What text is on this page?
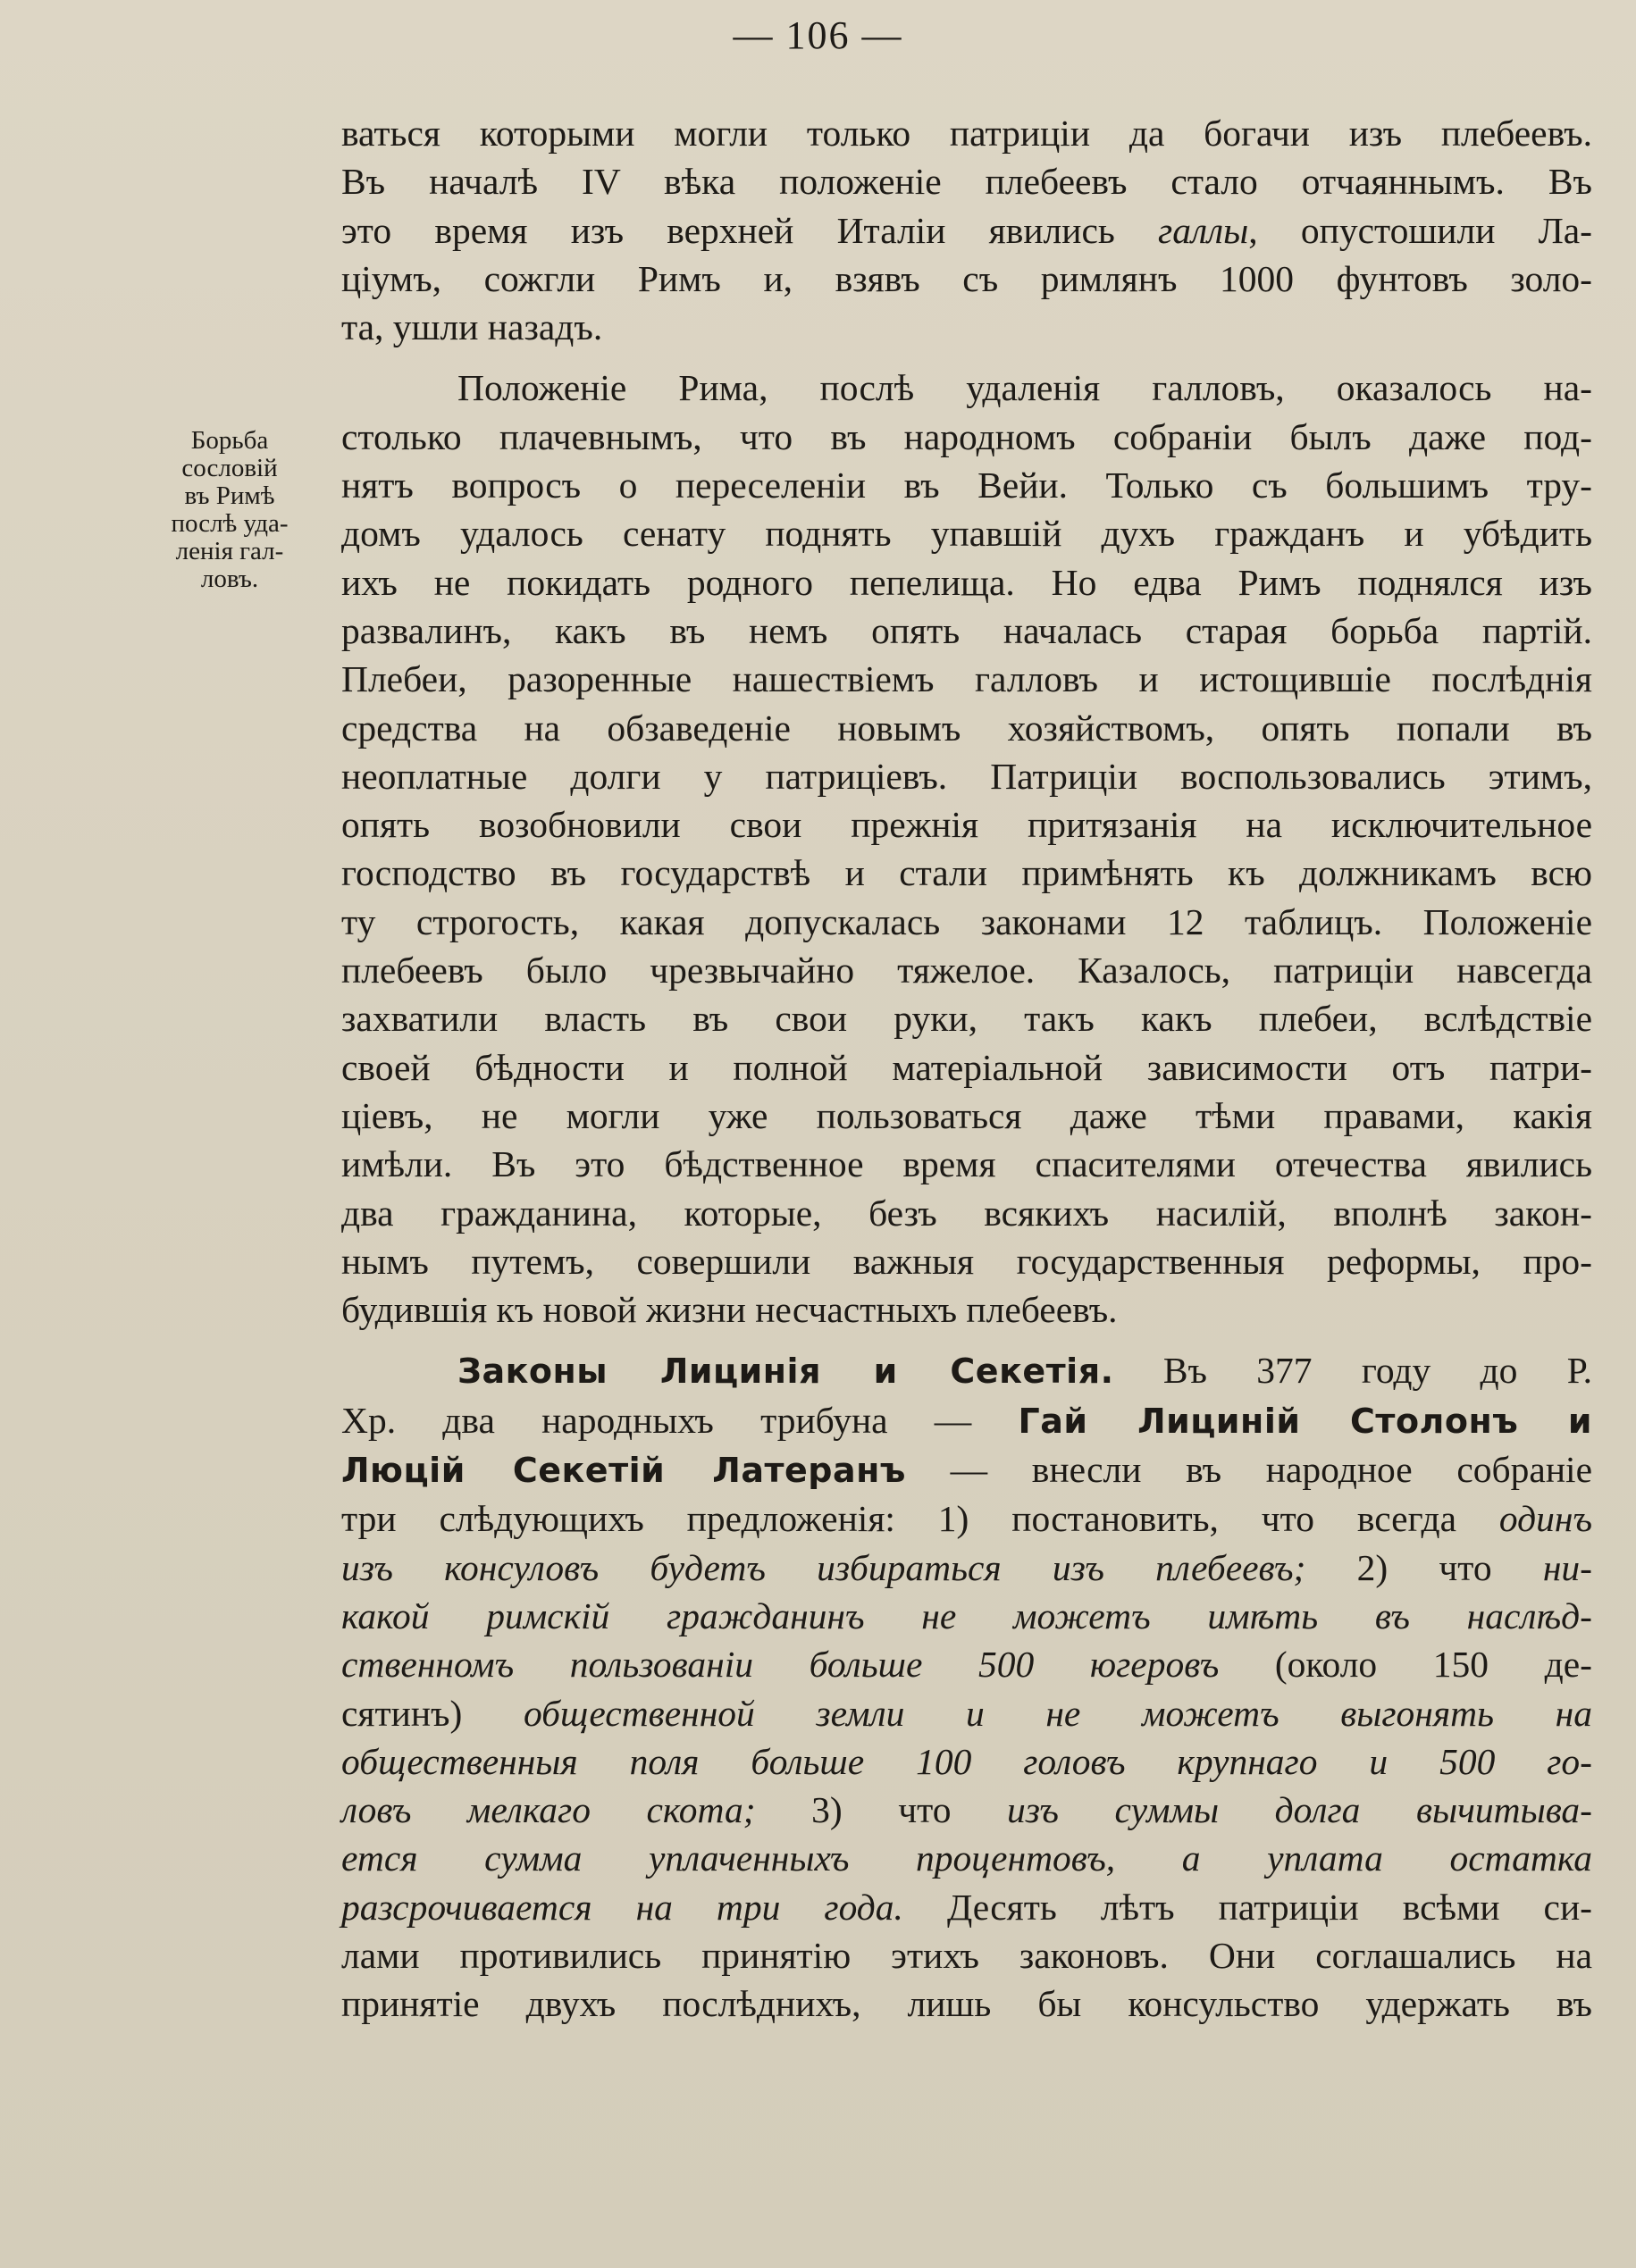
— 106 —
Борьба
сословій
въ Римѣ
послѣ уда-
ленія гал-
ловъ.
ваться которыми могли только патриціи да богачи изъ плебеевъ.
Въ началѣ IV вѣка положеніе плебеевъ стало отчаяннымъ. Въ
это время изъ верхней Италіи явились галлы, опустошили Ла-
ціумъ, сожгли Римъ и, взявъ съ римлянъ 1000 фунтовъ золо-
та, ушли назадъ.
Положеніе Рима, послѣ удаленія галловъ, оказалось на-
столько плачевнымъ, что въ народномъ собраніи былъ даже под-
нятъ вопросъ о переселеніи въ Вейи. Только съ большимъ тру-
домъ удалось сенату поднять упавшій духъ гражданъ и убѣдить
ихъ не покидать родного пепелища. Но едва Римъ поднялся изъ
развалинъ, какъ въ немъ опять началась старая борьба партій.
Плебеи, разоренные нашествіемъ галловъ и истощившіе послѣднія
средства на обзаведеніе новымъ хозяйствомъ, опять попали въ
неоплатные долги у патриціевъ. Патриціи воспользовались этимъ,
опять возобновили свои прежнія притязанія на исключительное
господство въ государствѣ и стали примѣнять къ должникамъ всю
ту строгость, какая допускалась законами 12 таблицъ. Положеніе
плебеевъ было чрезвычайно тяжелое. Казалось, патриціи навсегда
захватили власть въ свои руки, такъ какъ плебеи, вслѣдствіе
своей бѣдности и полной матеріальной зависимости отъ патри-
ціевъ, не могли уже пользоваться даже тѣми правами, какія
имѣли. Въ это бѣдственное время спасителями отечества явились
два гражданина, которые, безъ всякихъ насилій, вполнѣ закон-
нымъ путемъ, совершили важныя государственныя реформы, про-
будившія къ новой жизни несчастныхъ плебеевъ.
Законы Лицинія и Секетія. Въ 377 году до Р.
Хр. два народныхъ трибуна — Гай Лициній Столонъ и
Люцій Секетій Латеранъ — внесли въ народное собраніе
три слѣдующихъ предложенія: 1) постановить, что всегда одинъ
изъ консуловъ будетъ избираться изъ плебеевъ; 2) что ни-
какой римскій гражданинъ не можетъ имѣть въ наслѣд-
ственномъ пользованіи больше 500 югеровъ (около 150 де-
сятинъ) общественной земли и не можетъ выгонять на
общественныя поля больше 100 головъ крупнаго и 500 го-
ловъ мелкаго скота; 3) что изъ суммы долга вычитыва-
ется сумма уплаченныхъ процентовъ, а уплата остатка
разсрочивается на три года. Десять лѣтъ патриціи всѣми си-
лами противились принятію этихъ законовъ. Они соглашались на
принятіе двухъ послѣднихъ, лишь бы консульство удержать въ
